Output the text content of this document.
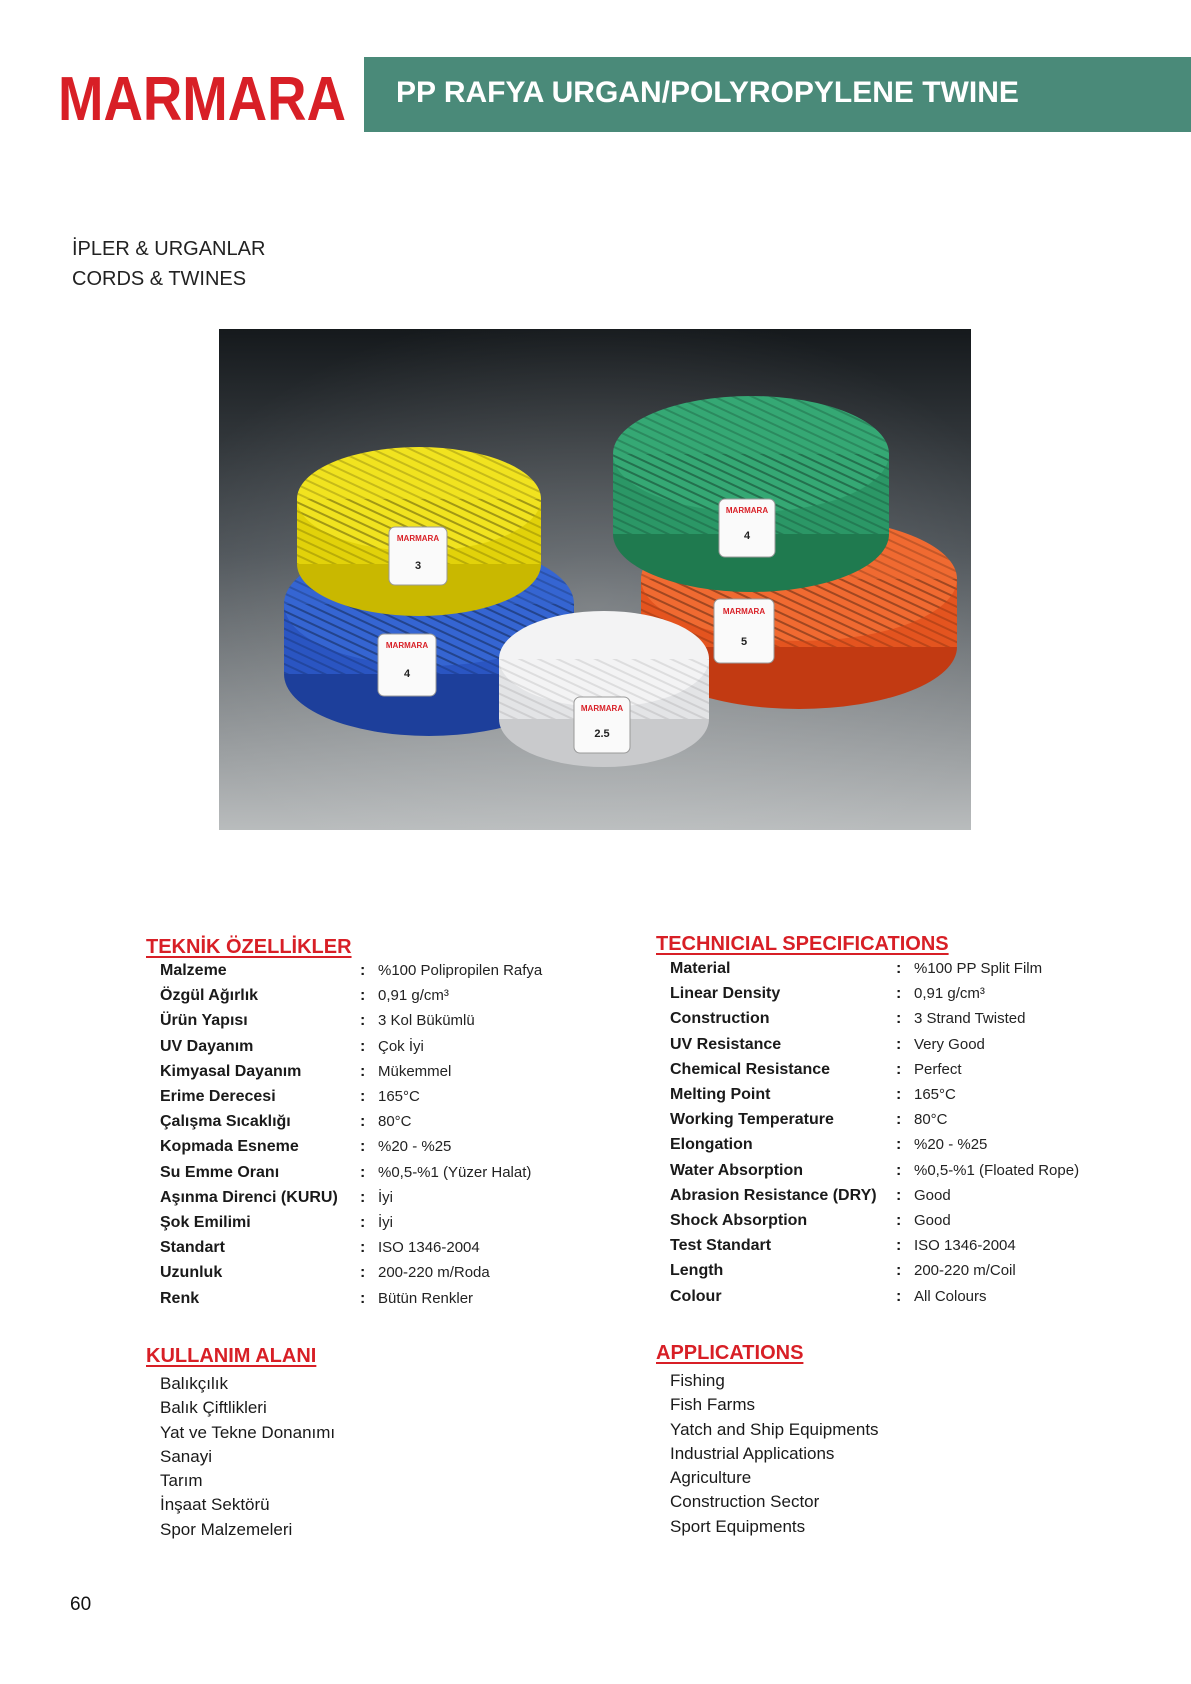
MARMARA PP RAFYA URGAN/POLYROPYLENE TWINE
İPLER & URGANLAR
CORDS & TWINES
MARMARA
3
MARMARA
4
MARMARA
4
MARMARA
5
MARMARA
2.5
TEKNİK ÖZELLİKLER
Malzeme	: %100 Polipropilen Rafya
Özgül Ağırlık	: 0,91 g/cm³
Ürün Yapısı	: 3 Kol Bükümlü
UV Dayanım	: Çok İyi
Kimyasal Dayanım	: Mükemmel
Erime Derecesi	: 165°C
Çalışma Sıcaklığı	: 80°C
Kopmada Esneme	: %20 - %25
Su Emme Oranı	: %0,5-%1 (Yüzer Halat)
Aşınma Direnci (KURU) : İyi
Şok Emilimi	: İyi
Standart	: ISO 1346-2004
Uzunluk	: 200-220 m/Roda
Renk	: Bütün Renkler
TECHNICIAL SPECIFICATIONS
Material	: %100 PP Split Film
Linear Density	: 0,91 g/cm³
Construction	: 3 Strand Twisted
UV Resistance	: Very Good
Chemical Resistance	: Perfect
Melting Point	: 165°C
Working Temperature	: 80°C
Elongation	: %20 - %25
Water Absorption	: %0,5-%1 (Floated Rope)
Abrasion Resistance (DRY) : Good
Shock Absorption	: Good
Test Standart	: ISO 1346-2004
Length	: 200-220 m/Coil
Colour	: All Colours
KULLANIM ALANI
Balıkçılık
Balık Çiftlikleri
Yat ve Tekne Donanımı
Sanayi
Tarım
İnşaat Sektörü
Spor Malzemeleri
APPLICATIONS
Fishing
Fish Farms
Yatch and Ship Equipments
Industrial Applications
Agriculture
Construction Sector
Sport Equipments
60
